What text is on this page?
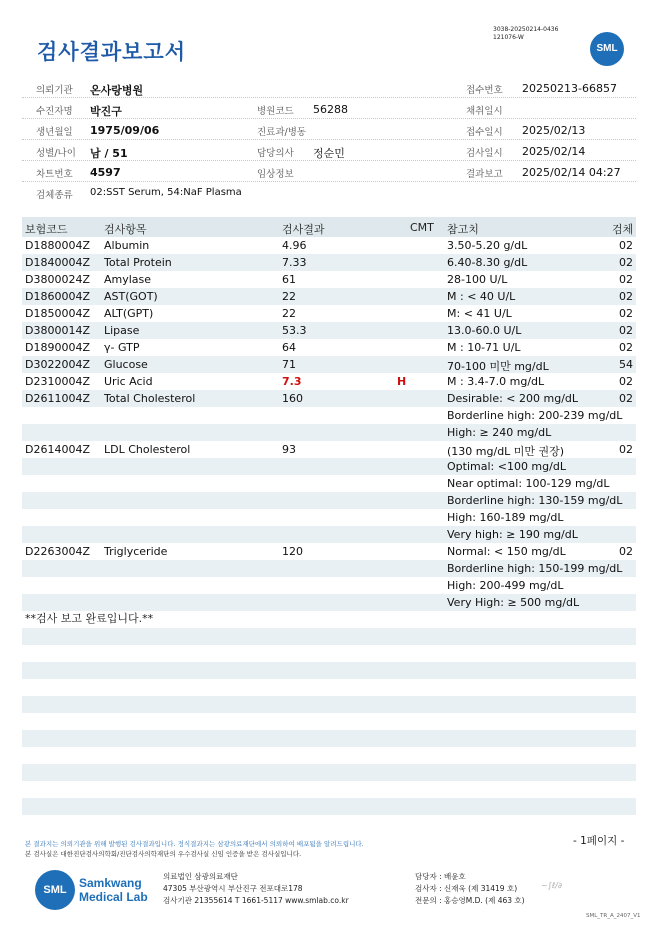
3038-20250214-0436
121076-W
검사결과보고서	SML
의뢰기관 온사랑병원	접수번호 20250213-66857
수진자명 박진구	병원코드 56288	채취일시
생년월일 1975/09/06	진료과/병동	접수일시 2025/02/13
성별/나이 남 / 51	담당의사 정순민	검사일시 2025/02/14
차트번호 4597	임상정보	결과보고 2025/02/14 04:27
검체종류 02:SST Serum, 54:NaF Plasma
보험코드	검사항목	검사결과	CMT 참고치	검체
D1880004Z Albumin	4.96	3.50-5.20 g/dL	02
D1840004Z Total Protein	7.33	6.40-8.30 g/dL	02
D3800024Z Amylase	61	28-100 U/L	02
D1860004Z AST(GOT)	22	M : < 40 U/L	02
D1850004Z ALT(GPT)	22	M: < 41 U/L	02
D3800014Z Lipase	53.3	13.0-60.0 U/L	02
D1890004Z γ- GTP	64	M : 10-71 U/L	02
D3022004Z Glucose	71	70-100 미만 mg/dL	54
D2310004Z Uric Acid	7.3	H	M : 3.4-7.0 mg/dL	02
D2611004Z Total Cholesterol	160	Desirable: < 200 mg/dL	02
Borderline high: 200-239 mg/dL
High: ≥ 240 mg/dL
D2614004Z LDL Cholesterol	93	(130 mg/dL 미만 권장)	02
Optimal: <100 mg/dL
Near optimal: 100-129 mg/dL
Borderline high: 130-159 mg/dL
High: 160-189 mg/dL
Very high: ≥ 190 mg/dL
D2263004Z Triglyceride	120	Normal: < 150 mg/dL	02
Borderline high: 150-199 mg/dL
High: 200-499 mg/dL
Very High: ≥ 500 mg/dL
**검사 보고 완료입니다.**
- 1페이지 -
본 결과지는 의뢰기관을 위해 발행된 검사결과입니다. 정식결과지는 삼광의료재단에서 의뢰하여 배포됨을 알려드립니다.
본 검사실은 대한진단검사의학회/진단검사의학재단의 우수검사실 신임 인증을 받은 검사실입니다.
SML	Samkwang
Medical Lab
의료법인 삼광의료재단
47305 부산광역시 부산진구 전포대로178
검사기관 21355614 T 1661-5117 www.smlab.co.kr
담당자 : 배윤호
검사자 : 신재욱 (제 31419 호)
전문의 : 홍승영M.D. (제 463 호)
~∫ℓ/∂
SML_TR_A_2407_V1
